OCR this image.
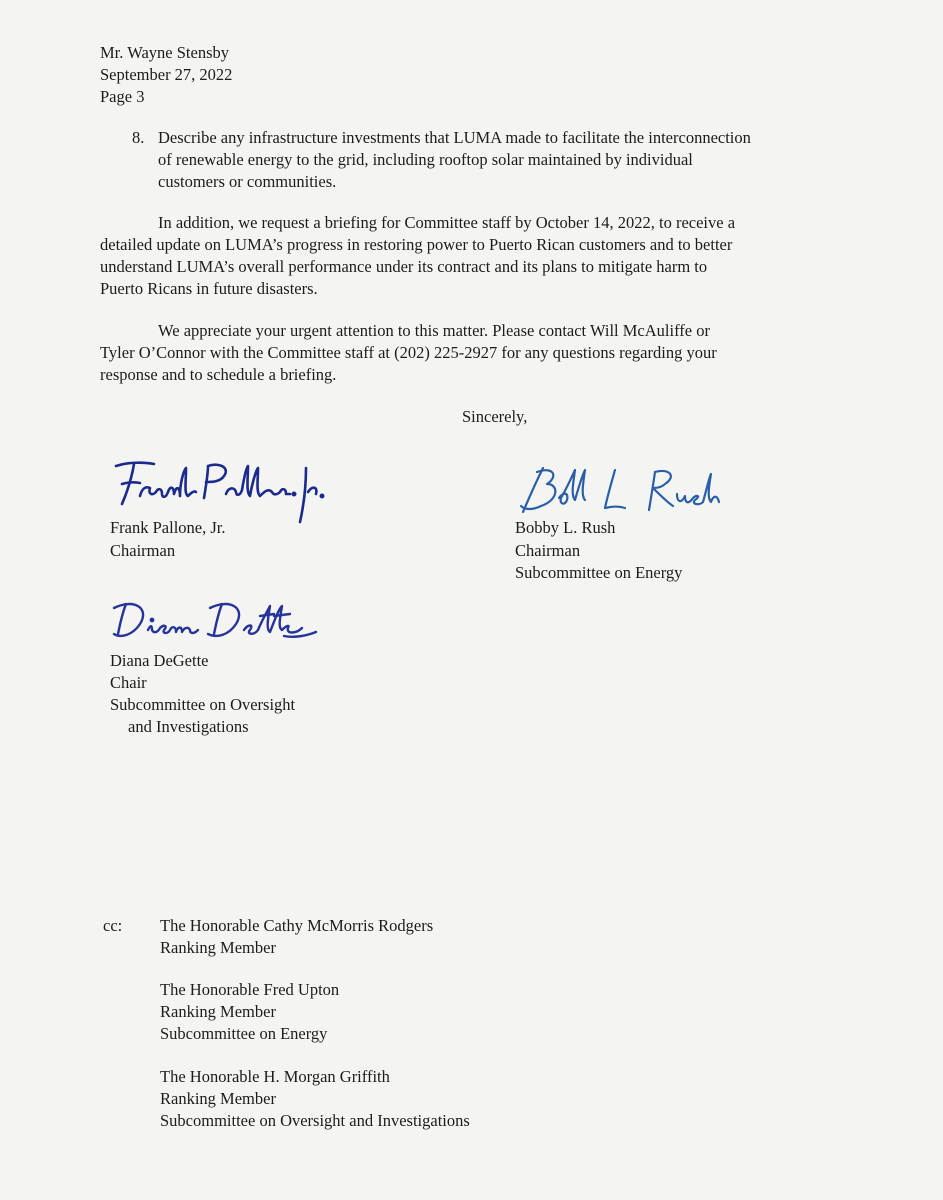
Mr. Wayne Stensby
September 27, 2022
Page 3
8. Describe any infrastructure investments that LUMA made to facilitate the interconnection
of renewable energy to the grid, including rooftop solar maintained by individual
customers or communities.
In addition, we request a briefing for Committee staff by October 14, 2022, to receive a
detailed update on LUMA’s progress in restoring power to Puerto Rican customers and to better
understand LUMA’s overall performance under its contract and its plans to mitigate harm to
Puerto Ricans in future disasters.
We appreciate your urgent attention to this matter. Please contact Will McAuliffe or
Tyler O’Connor with the Committee staff at (202) 225-2927 for any questions regarding your
response and to schedule a briefing.
Sincerely,
Frank Pallone, Jr.
Chairman
Bobby L. Rush
Chairman
Subcommittee on Energy
Diana DeGette
Chair
Subcommittee on Oversight
and Investigations
cc: The Honorable Cathy McMorris Rodgers
Ranking Member
The Honorable Fred Upton
Ranking Member
Subcommittee on Energy
The Honorable H. Morgan Griffith
Ranking Member
Subcommittee on Oversight and Investigations
